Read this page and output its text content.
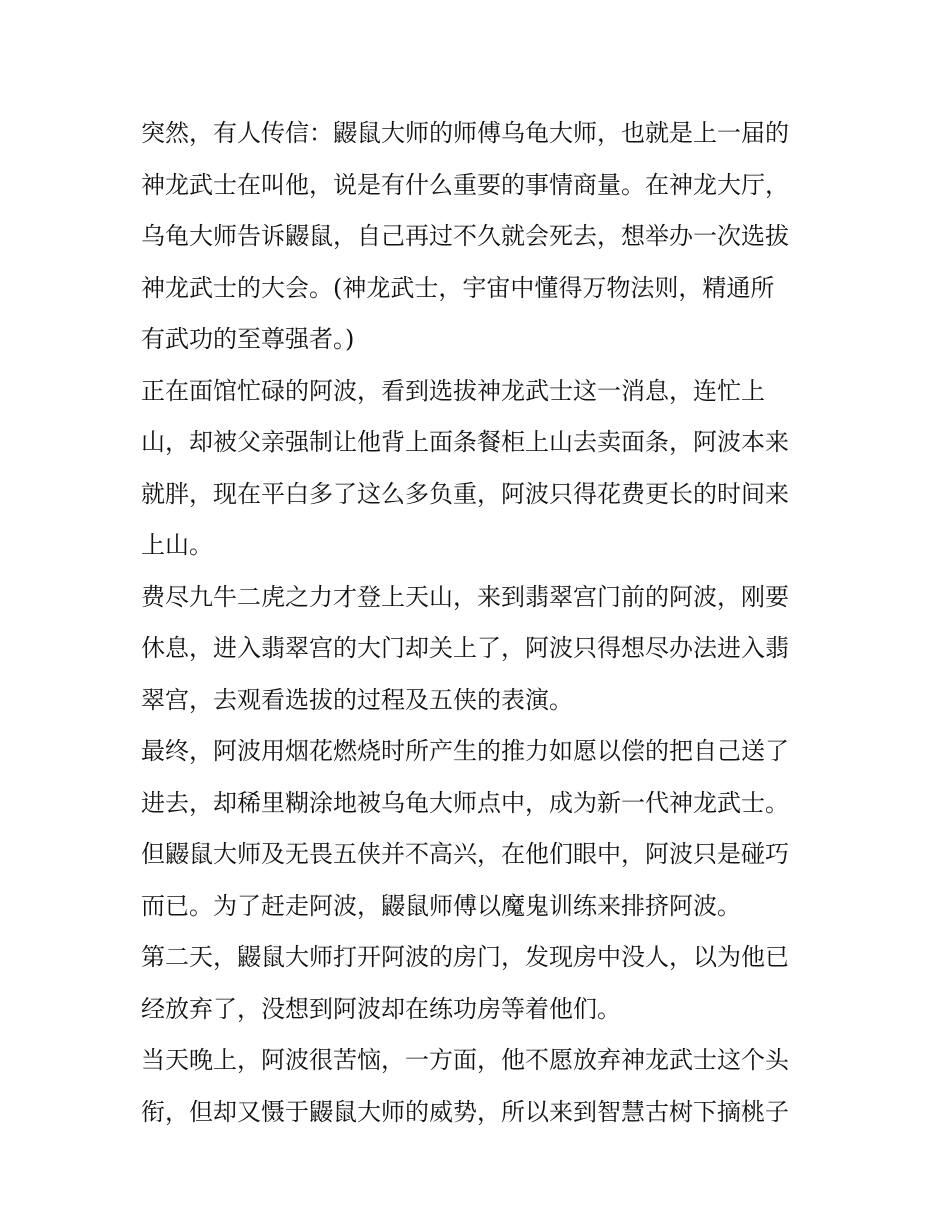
突然，有人传信：鼹鼠大师的师傅乌龟大师，也就是上一届的
神龙武士在叫他，说是有什么重要的事情商量。在神龙大厅，
乌龟大师告诉鼹鼠，自己再过不久就会死去，想举办一次选拔
神龙武士的大会。(神龙武士，宇宙中懂得万物法则，精通所
有武功的至尊强者。)
正在面馆忙碌的阿波，看到选拔神龙武士这一消息，连忙上
山，却被父亲强制让他背上面条餐柜上山去卖面条，阿波本来
就胖，现在平白多了这么多负重，阿波只得花费更长的时间来
上山。
费尽九牛二虎之力才登上天山，来到翡翠宫门前的阿波，刚要
休息，进入翡翠宫的大门却关上了，阿波只得想尽办法进入翡
翠宫，去观看选拔的过程及五侠的表演。
最终，阿波用烟花燃烧时所产生的推力如愿以偿的把自己送了
进去，却稀里糊涂地被乌龟大师点中，成为新一代神龙武士。
但鼹鼠大师及无畏五侠并不高兴，在他们眼中，阿波只是碰巧
而已。为了赶走阿波，鼹鼠师傅以魔鬼训练来排挤阿波。
第二天，鼹鼠大师打开阿波的房门，发现房中没人，以为他已
经放弃了，没想到阿波却在练功房等着他们。
当天晚上，阿波很苦恼，一方面，他不愿放弃神龙武士这个头
衔，但却又慑于鼹鼠大师的威势，所以来到智慧古树下摘桃子
